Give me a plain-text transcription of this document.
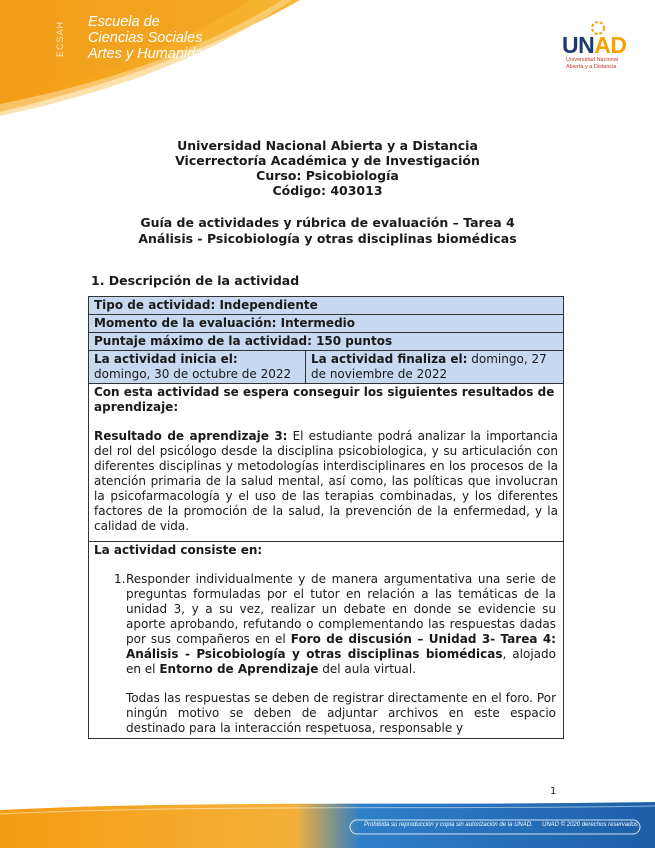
ECSAH Escuela de
Ciencias Sociales
Artes y Humanidades	UNAD
Universidad Nacional
Abierta y a Distancia
Universidad Nacional Abierta y a Distancia
Vicerrectoría Académica y de Investigación
Curso: Psicobiología
Código: 403013
Guía de actividades y rúbrica de evaluación – Tarea 4
Análisis - Psicobiología y otras disciplinas biomédicas
1. Descripción de la actividad
Tipo de actividad: Independiente
Momento de la evaluación: Intermedio
Puntaje máximo de la actividad: 150 puntos
La actividad inicia el:
domingo, 30 de octubre de 2022	La actividad finaliza el: domingo, 27 de noviembre de 2022

Con esta actividad se espera conseguir los siguientes resultados de aprendizaje:
Resultado de aprendizaje 3: El estudiante podrá analizar la importancia del rol del psicólogo desde la disciplina psicobiologica, y su articulación con diferentes disciplinas y metodologías interdisciplinares en los procesos de la atención primaria de la salud mental, así como, las políticas que involucran la psicofarmacología y el uso de las terapias combinadas, y los diferentes factores de la promoción de la salud, la prevención de la enfermedad, y la calidad de vida.

La actividad consiste en:
1. Responder individualmente y de manera argumentativa una serie de preguntas formuladas por el tutor en relación a las temáticas de la unidad 3, y a su vez, realizar un debate en donde se evidencie su aporte aprobando, refutando o complementando las respuestas dadas por sus compañeros en el Foro de discusión – Unidad 3- Tarea 4: Análisis - Psicobiología y otras disciplinas biomédicas, alojado en el Entorno de Aprendizaje del aula virtual.
Todas las respuestas se deben de registrar directamente en el foro. Por ningún motivo se deben de adjuntar archivos en este espacio destinado para la interacción respetuosa, responsable y
1
Prohibida su reproducción y copia sin autorización de la UNAD. UNAD © 2020 derechos reservados
